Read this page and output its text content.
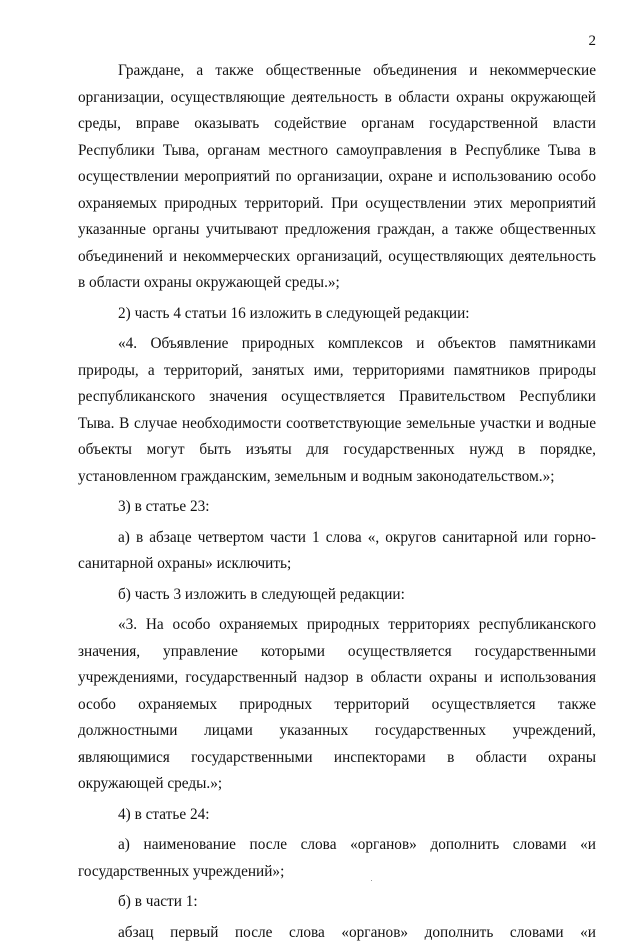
2

Граждане, а также общественные объединения и некоммерческие организации, осуществляющие деятельность в области охраны окружающей среды, вправе оказывать содействие органам государственной власти Республики Тыва, органам местного самоуправления в Республике Тыва в осуществлении мероприятий по организации, охране и использованию особо охраняемых природных территорий. При осуществлении этих мероприятий указанные органы учитывают предложения граждан, а также общественных объединений и некоммерческих организаций, осуществляющих деятельность в области охраны окружающей среды.»;

2) часть 4 статьи 16 изложить в следующей редакции:

«4. Объявление природных комплексов и объектов памятниками природы, а территорий, занятых ими, территориями памятников природы республиканского значения осуществляется Правительством Республики Тыва. В случае необходимости соответствующие земельные участки и водные объекты могут быть изъяты для государственных нужд в порядке, установленном гражданским, земельным и водным законодательством.»;

3) в статье 23:

а) в абзаце четвертом части 1 слова «, округов санитарной или горно-санитарной охраны» исключить;

б) часть 3 изложить в следующей редакции:

«3. На особо охраняемых природных территориях республиканского значения, управление которыми осуществляется государственными учреждениями, государственный надзор в области охраны и использования особо охраняемых природных территорий осуществляется также должностными лицами указанных государственных учреждений, являющимися государственными инспекторами в области охраны окружающей среды.»;

4) в статье 24:

а) наименование после слова «органов» дополнить словами «и государственных учреждений»;

б) в части 1:

абзац первый после слова «органов» дополнить словами «и
